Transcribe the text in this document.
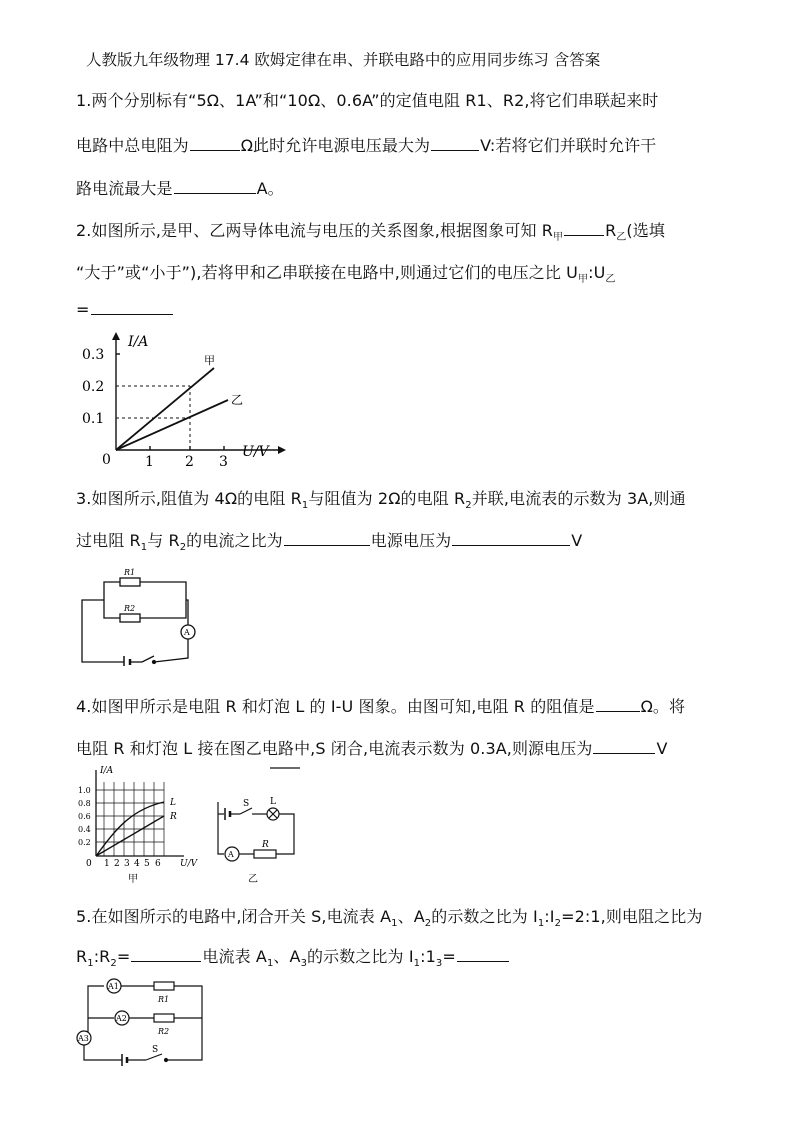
人教版九年级物理 17.4 欧姆定律在串、并联电路中的应用同步练习 含答案
1.两个分别标有“5Ω、1A”和“10Ω、0.6A”的定值电阻 R1、R2,将它们串联起来时
电路中总电阻为	Ω此时允许电源电压最大为	V:若将它们并联时允许干
路电流最大是	A。
2.如图所示,是甲、乙两导体电流与电压的关系图象,根据图象可知 $R_甲$	$R_乙$(选填
“大于”或“小于”),若将甲和乙串联接在电路中,则通过它们的电压之比 $U_甲:U_乙$
=
I/A
U/V
0
0.1
0.2
0.3
1 2 3
甲
乙
3.如图所示,阻值为 4Ω的电阻 $R_1$与阻值为 2Ω的电阻 $R_2$并联,电流表的示数为 3A,则通
过电阻 $R_1$与 $R_2$的电流之比为	电源电压为	V
R1
R2
A
4.如图甲所示是电阻 R 和灯泡 L 的 I-U 图象。由图可知,电阻 R 的阻值是	Ω。将
电阻 R 和灯泡 L 接在图乙电路中,S 闭合,电流表示数为 0.3A,则源电压为	V
I/A
U/V
0
0.2
0.4
0.6
0.8
1.0
1 2 3 4 5 6
L
R
甲
S L
R
A
乙
5.在如图所示的电路中,闭合开关 S,电流表 $A_1$、$A_2$的示数之比为 $I_1:I_2=2:1$,则电阻之比为
$R_1:R_2=$	电流表 $A_1$、$A_3$的示数之比为 $I_1:1_3=$
A1
A2
A3
R1
R2
S
